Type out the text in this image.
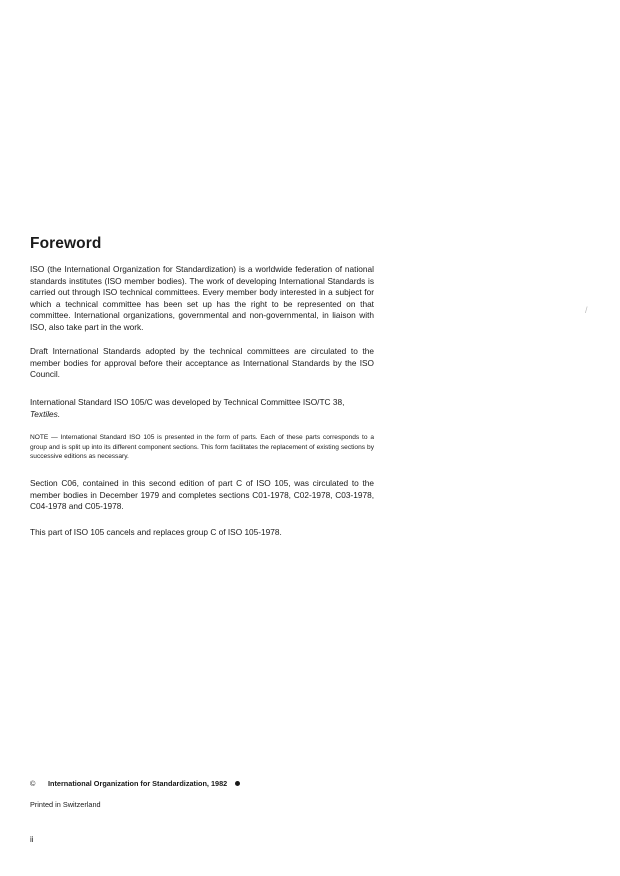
Foreword

ISO (the International Organization for Standardization) is a worldwide federation of national standards institutes (ISO member bodies). The work of developing International Standards is carried out through ISO technical committees. Every member body interested in a subject for which a technical committee has been set up has the right to be represented on that committee. International organizations, governmental and non-governmental, in liaison with ISO, also take part in the work.

Draft International Standards adopted by the technical committees are circulated to the member bodies for approval before their acceptance as International Standards by the ISO Council.

International Standard ISO 105/C was developed by Technical Committee ISO/TC 38,
Textiles.

NOTE — International Standard ISO 105 is presented in the form of parts. Each of these parts corresponds to a group and is split up into its different component sections. This form facilitates the replacement of existing sections by successive editions as necessary.

Section C06, contained in this second edition of part C of ISO 105, was circulated to the member bodies in December 1979 and completes sections C01-1978, C02-1978, C03-1978, C04-1978 and C05-1978.

This part of ISO 105 cancels and replaces group C of ISO 105-1978.

© International Organization for Standardization, 1982
Printed in Switzerland
ii
/
